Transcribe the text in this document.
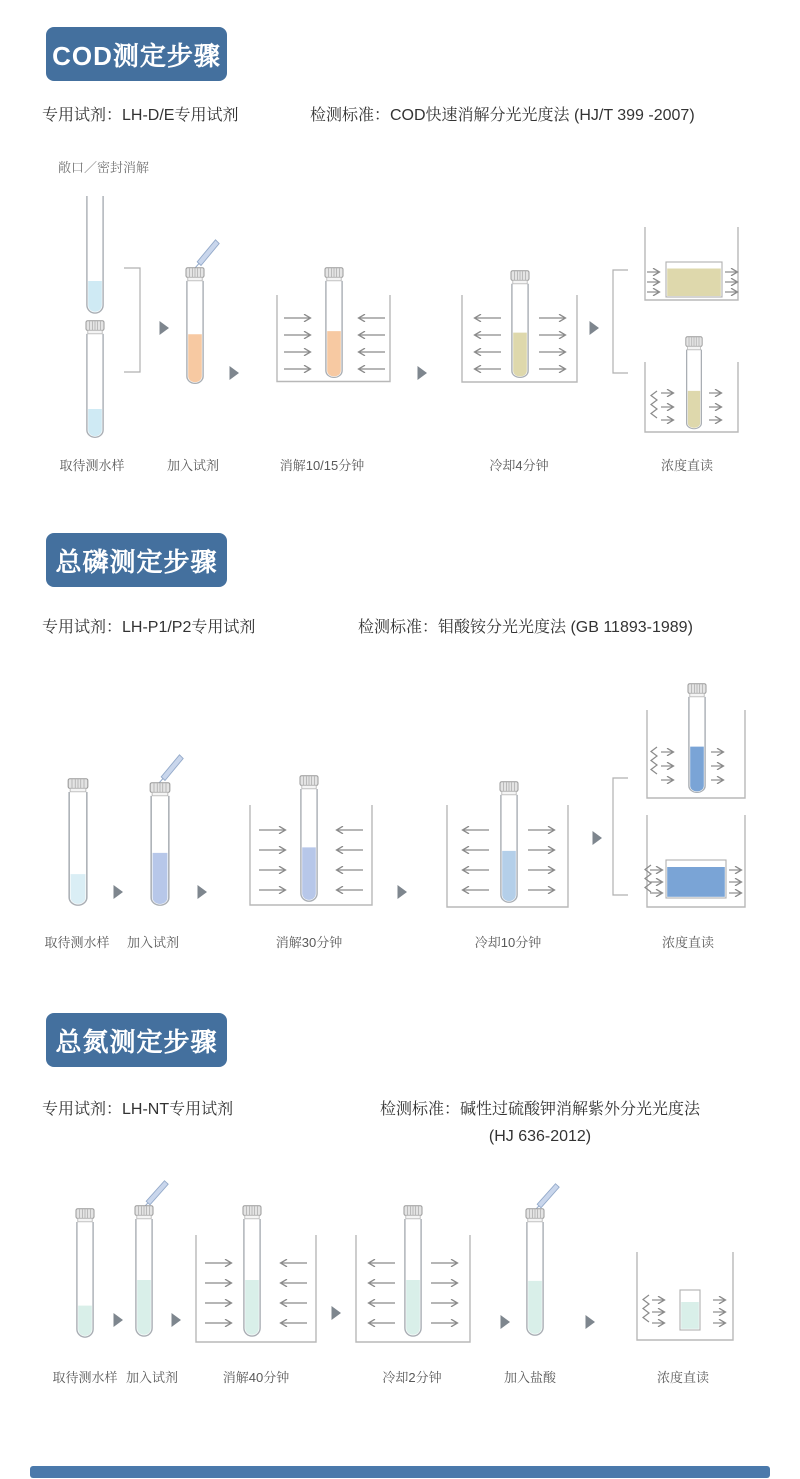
COD测定步骤
专用试剂：LH-D/E专用试剂	检测标准：COD快速消解分光光度法 (HJ/T 399 -2007)
敞口／密封消解
取待测水样	加入试剂	消解10/15分钟	冷却4分钟	浓度直读
总磷测定步骤
专用试剂：LH-P1/P2专用试剂	检测标准：钼酸铵分光光度法 (GB 11893-1989)
取待测水样 加入试剂	消解30分钟	冷却10分钟	浓度直读
总氮测定步骤
专用试剂：LH-NT专用试剂	检测标准：碱性过硫酸钾消解紫外分光光度法
(HJ 636-2012)
取待测水样 加入试剂	消解40分钟	冷却2分钟	加入盐酸	浓度直读
